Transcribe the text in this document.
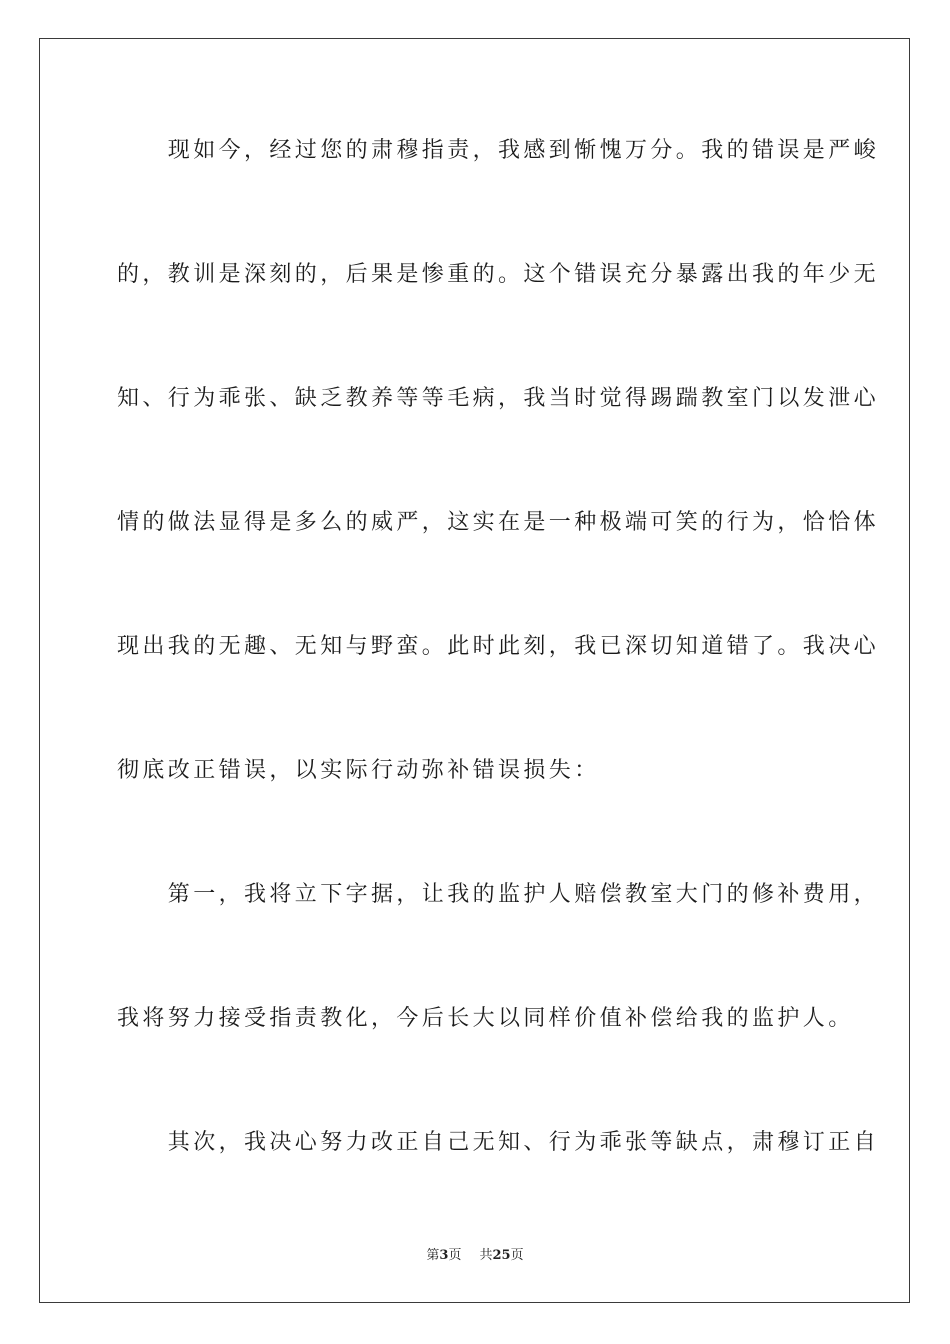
　　现如今，经过您的肃穆指责，我感到惭愧万分。我的错误是严峻
的，教训是深刻的，后果是惨重的。这个错误充分暴露出我的年少无
知、行为乖张、缺乏教养等等毛病，我当时觉得踢踹教室门以发泄心
情的做法显得是多么的威严，这实在是一种极端可笑的行为，恰恰体
现出我的无趣、无知与野蛮。此时此刻，我已深切知道错了。我决心
彻底改正错误，以实际行动弥补错误损失：
　　第一，我将立下字据，让我的监护人赔偿教室大门的修补费用，
我将努力接受指责教化，今后长大以同样价值补偿给我的监护人。
　　其次，我决心努力改正自己无知、行为乖张等缺点，肃穆订正自
第3页 共25页
